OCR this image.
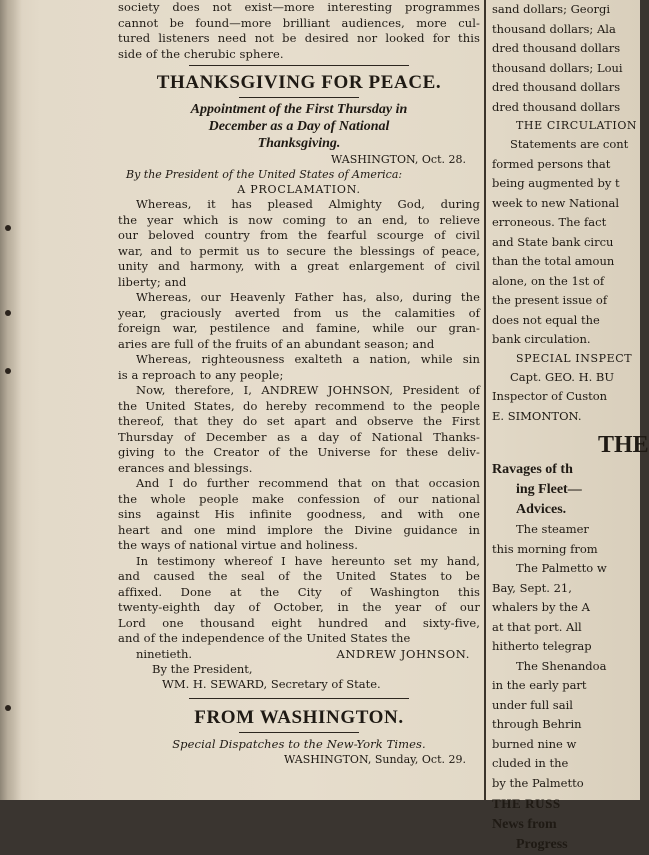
society does not exist—more interesting programmes
cannot be found—more brilliant audiences, more cul-
tured listeners need not be desired nor looked for this
side of the cherubic sphere.
THANKSGIVING FOR PEACE.
Appointment of the First Thursday in
December as a Day of National
Thanksgiving.
WASHINGTON, Oct. 28.
By the President of the United States of America:
A PROCLAMATION.
Whereas, it has pleased Almighty God, during
the year which is now coming to an end, to relieve
our beloved country from the fearful scourge of civil
war, and to permit us to secure the blessings of peace,
unity and harmony, with a great enlargement of civil
liberty; and
Whereas, our Heavenly Father has, also, during the
year, graciously averted from us the calamities of
foreign war, pestilence and famine, while our gran-
aries are full of the fruits of an abundant season; and
Whereas, righteousness exalteth a nation, while sin
is a reproach to any people;
Now, therefore, I, ANDREW JOHNSON, President of
the United States, do hereby recommend to the people
thereof, that they do set apart and observe the First
Thursday of December as a day of National Thanks-
giving to the Creator of the Universe for these deliv-
erances and blessings.
And I do further recommend that on that occasion
the whole people make confession of our national
sins against His infinite goodness, and with one
heart and one mind implore the Divine guidance in
the ways of national virtue and holiness.
In testimony whereof I have hereunto set my hand,
and caused the seal of the United States to be
affixed. Done at the City of Washington this
twenty-eighth day of October, in the year of our
Lord one thousand eight hundred and sixty-five,
and of the independence of the United States the
ninetieth.	ANDREW JOHNSON.
By the President,
WM. H. SEWARD, Secretary of State.
FROM WASHINGTON.
Special Dispatches to the New-York Times.
WASHINGTON, Sunday, Oct. 29.
sand dollars; Georgi
thousand dollars; Ala
dred thousand dollars
thousand dollars; Loui
dred thousand dollars
dred thousand dollars
THE CIRCULATION
Statements are cont
formed persons that
being augmented by t
week to new National
erroneous. The fact
and State bank circu
than the total amoun
alone, on the 1st of
the present issue of
does not equal the
bank circulation.
SPECIAL INSPECT
Capt. GEO. H. BU
Inspector of Custon
E. SIMONTON.
THE
Ravages of th
ing Fleet—
Advices.
The steamer
this morning from
The Palmetto w
Bay, Sept. 21,
whalers by the A
at that port. All
hitherto telegrap
The Shenandoa
in the early part
under full sail
through Behrin
burned nine w
cluded in the
by the Palmetto
THE RUSS
News from
Progress
